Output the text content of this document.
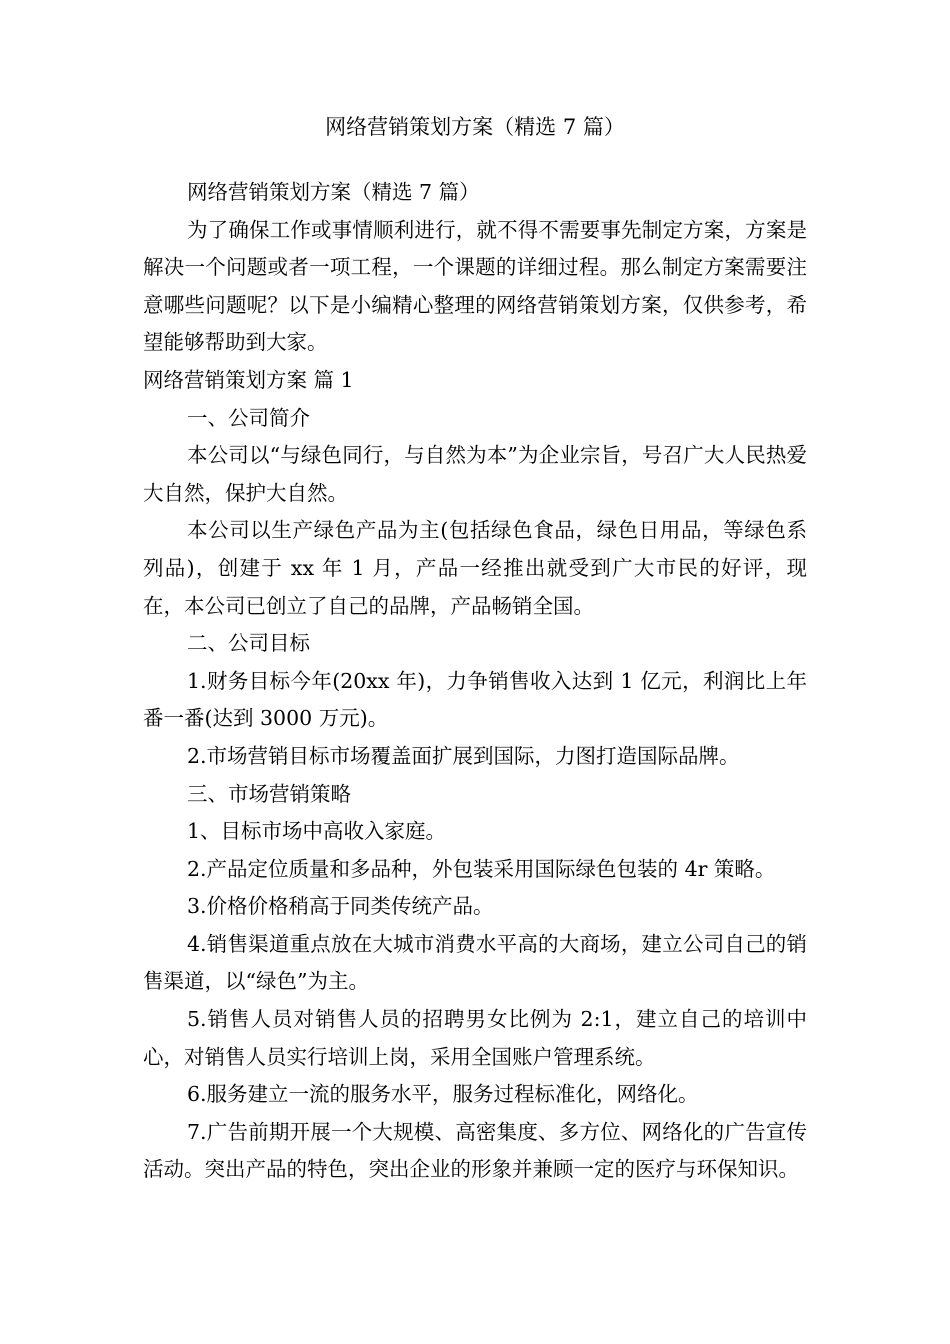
网络营销策划方案（精选 7 篇）

网络营销策划方案（精选 7 篇）

为了确保工作或事情顺利进行，就不得不需要事先制定方案，方案是解决一个问题或者一项工程，一个课题的详细过程。那么制定方案需要注意哪些问题呢？以下是小编精心整理的网络营销策划方案，仅供参考，希望能够帮助到大家。

网络营销策划方案 篇 1

一、公司简介

本公司以“与绿色同行，与自然为本”为企业宗旨，号召广大人民热爱大自然，保护大自然。

本公司以生产绿色产品为主(包括绿色食品，绿色日用品，等绿色系列品)，创建于 xx 年 1 月，产品一经推出就受到广大市民的好评，现在，本公司已创立了自己的品牌，产品畅销全国。

二、公司目标

1.财务目标今年(20xx 年)，力争销售收入达到 1 亿元，利润比上年番一番(达到 3000 万元)。

2.市场营销目标市场覆盖面扩展到国际，力图打造国际品牌。

三、市场营销策略

1、目标市场中高收入家庭。

2.产品定位质量和多品种，外包装采用国际绿色包装的 4r 策略。

3.价格价格稍高于同类传统产品。

4.销售渠道重点放在大城市消费水平高的大商场，建立公司自己的销售渠道，以“绿色”为主。

5.销售人员对销售人员的招聘男女比例为 2:1，建立自己的培训中心，对销售人员实行培训上岗，采用全国账户管理系统。

6.服务建立一流的服务水平，服务过程标准化，网络化。

7.广告前期开展一个大规模、高密集度、多方位、网络化的广告宣传活动。突出产品的特色，突出企业的形象并兼顾一定的医疗与环保知识。
